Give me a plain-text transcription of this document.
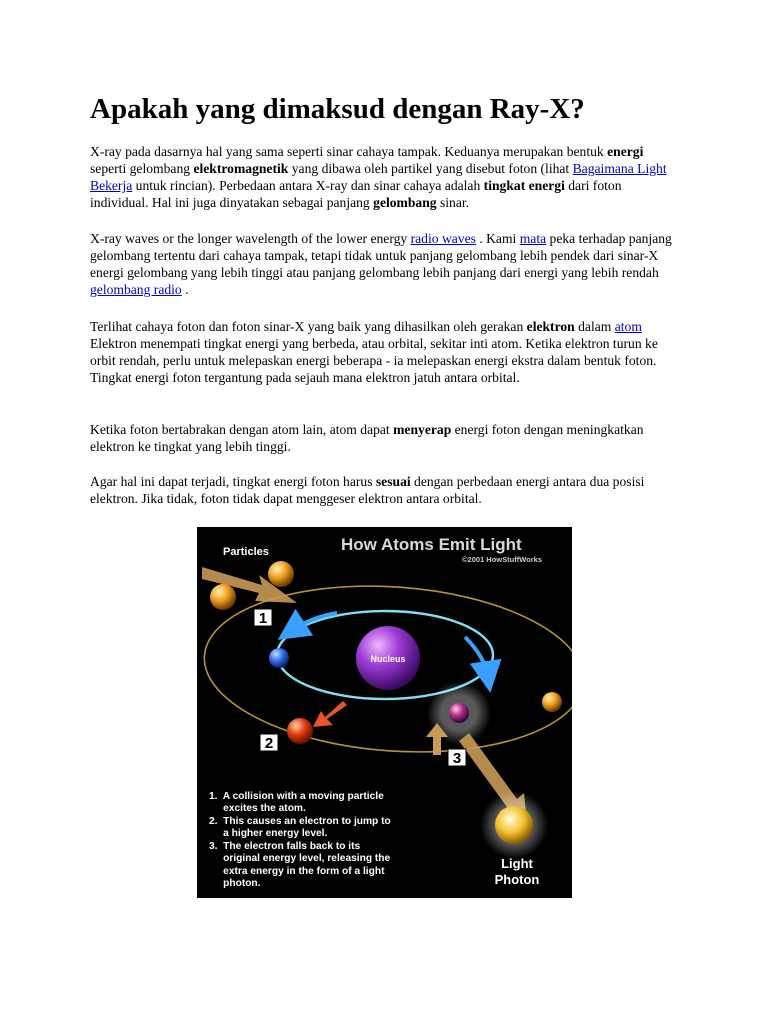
Apakah yang dimaksud dengan Ray-X?

X-ray pada dasarnya hal yang sama seperti sinar cahaya tampak. Keduanya merupakan bentuk energi seperti gelombang elektromagnetik yang dibawa oleh partikel yang disebut foton (lihat Bagaimana Light Bekerja untuk rincian). Perbedaan antara X-ray dan sinar cahaya adalah tingkat energi dari foton individual. Hal ini juga dinyatakan sebagai panjang gelombang sinar.

X-ray waves or the longer wavelength of the lower energy radio waves . Kami mata peka terhadap panjang gelombang tertentu dari cahaya tampak, tetapi tidak untuk panjang gelombang lebih pendek dari sinar-X energi gelombang yang lebih tinggi atau panjang gelombang lebih panjang dari energi yang lebih rendah gelombang radio .

Terlihat cahaya foton dan foton sinar-X yang baik yang dihasilkan oleh gerakan elektron dalam atom Elektron menempati tingkat energi yang berbeda, atau orbital, sekitar inti atom. Ketika elektron turun ke orbit rendah, perlu untuk melepaskan energi beberapa - ia melepaskan energi ekstra dalam bentuk foton. Tingkat energi foton tergantung pada sejauh mana elektron jatuh antara orbital.

Ketika foton bertabrakan dengan atom lain, atom dapat menyerap energi foton dengan meningkatkan elektron ke tingkat yang lebih tinggi.

Agar hal ini dapat terjadi, tingkat energi foton harus sesuai dengan perbedaan energi antara dua posisi elektron. Jika tidak, foton tidak dapat menggeser elektron antara orbital.

How Atoms Emit Light
©2001 HowStuffWorks
Particles
Nucleus
1
2
3
Light
Photon
1.  A collision with a moving particle
excites the atom.
2.  This causes an electron to jump to
a higher energy level.
3.  The electron falls back to its
original energy level, releasing the
extra energy in the form of a light
photon.
